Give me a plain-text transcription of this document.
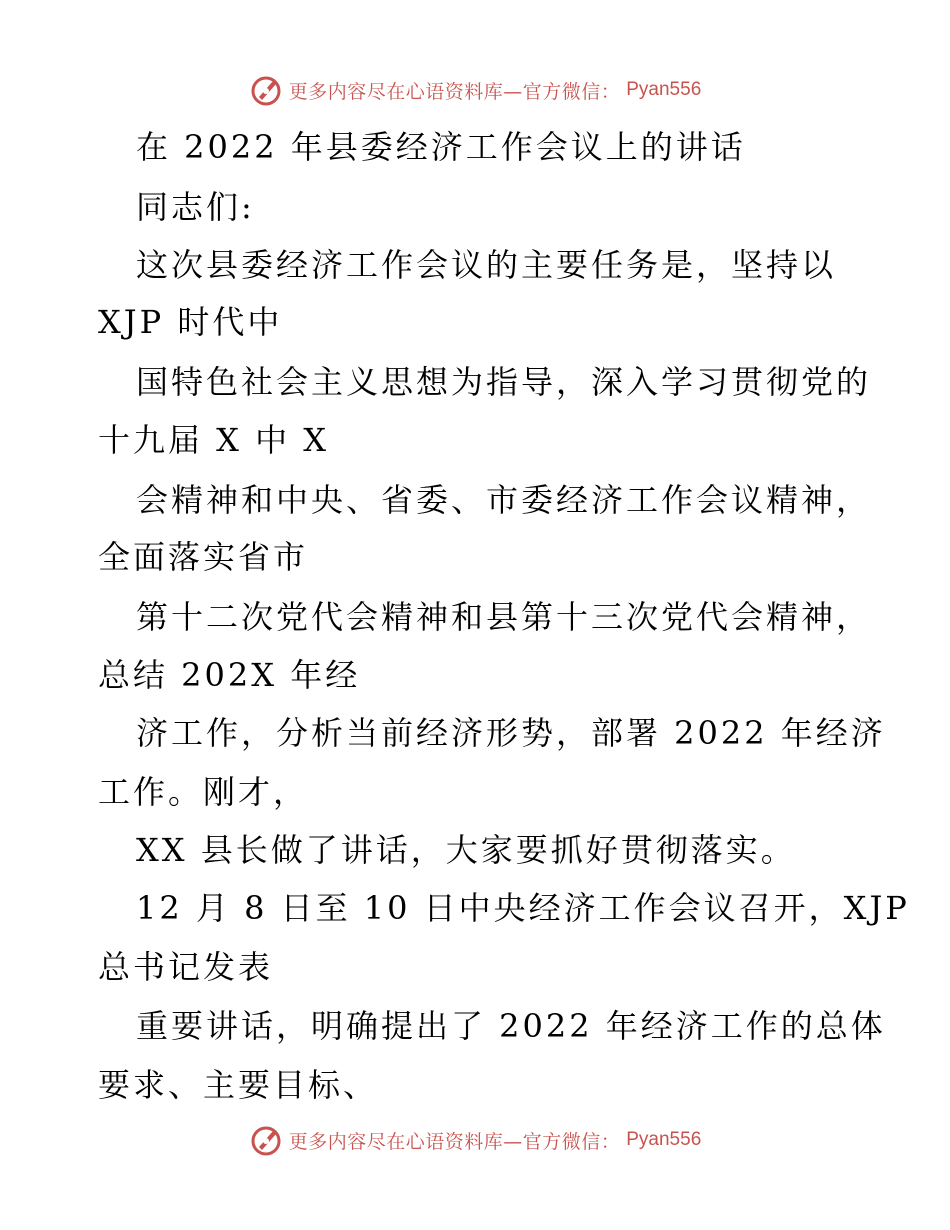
更多内容尽在心语资料库—官方微信： Pyan556
在 2022 年县委经济工作会议上的讲话
同志们:
这次县委经济工作会议的主要任务是，坚持以
XJP 时代中
国特色社会主义思想为指导，深入学习贯彻党的
十九届 X 中 X
会精神和中央、省委、市委经济工作会议精神，
全面落实省市
第十二次党代会精神和县第十三次党代会精神，
总结 202X 年经
济工作，分析当前经济形势，部署 2022 年经济
工作。刚才，
XX 县长做了讲话，大家要抓好贯彻落实。
12 月 8 日至 10 日中央经济工作会议召开，XJP
总书记发表
重要讲话，明确提出了 2022 年经济工作的总体
要求、主要目标、
更多内容尽在心语资料库—官方微信： Pyan556
